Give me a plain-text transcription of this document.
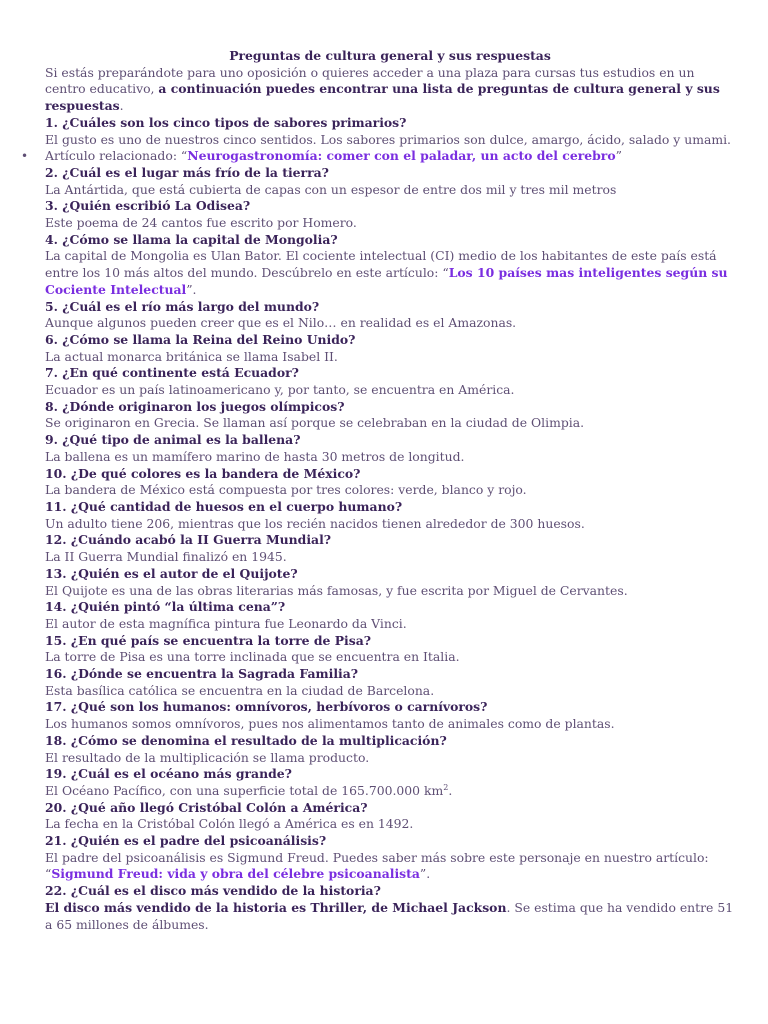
Preguntas de cultura general y sus respuestas

Si estás preparándote para uno oposición o quieres acceder a una plaza para cursas tus estudios en un centro educativo, a continuación puedes encontrar una lista de preguntas de cultura general y sus respuestas.

1. ¿Cuáles son los cinco tipos de sabores primarios?

El gusto es uno de nuestros cinco sentidos. Los sabores primarios son dulce, amargo, ácido, salado y umami.

• Artículo relacionado: “Neurogastronomía: comer con el paladar, un acto del cerebro”

2. ¿Cuál es el lugar más frío de la tierra?

La Antártida, que está cubierta de capas con un espesor de entre dos mil y tres mil metros

3. ¿Quién escribió La Odisea?

Este poema de 24 cantos fue escrito por Homero.

4. ¿Cómo se llama la capital de Mongolia?

La capital de Mongolia es Ulan Bator. El cociente intelectual (CI) medio de los habitantes de este país está entre los 10 más altos del mundo. Descúbrelo en este artículo: “Los 10 países mas inteligentes según su Cociente Intelectual”.

5. ¿Cuál es el río más largo del mundo?

Aunque algunos pueden creer que es el Nilo… en realidad es el Amazonas.

6. ¿Cómo se llama la Reina del Reino Unido?

La actual monarca británica se llama Isabel II.

7. ¿En qué continente está Ecuador?

Ecuador es un país latinoamericano y, por tanto, se encuentra en América.

8. ¿Dónde originaron los juegos olímpicos?

Se originaron en Grecia. Se llaman así porque se celebraban en la ciudad de Olimpia.

9. ¿Qué tipo de animal es la ballena?

La ballena es un mamífero marino de hasta 30 metros de longitud.

10. ¿De qué colores es la bandera de México?

La bandera de México está compuesta por tres colores: verde, blanco y rojo.

11. ¿Qué cantidad de huesos en el cuerpo humano?

Un adulto tiene 206, mientras que los recién nacidos tienen alrededor de 300 huesos.

12. ¿Cuándo acabó la II Guerra Mundial?

La II Guerra Mundial finalizó en 1945.

13. ¿Quién es el autor de el Quijote?

El Quijote es una de las obras literarias más famosas, y fue escrita por Miguel de Cervantes.

14. ¿Quién pintó “la última cena”?

El autor de esta magnífica pintura fue Leonardo da Vinci.

15. ¿En qué país se encuentra la torre de Pisa?

La torre de Pisa es una torre inclinada que se encuentra en Italia.

16. ¿Dónde se encuentra la Sagrada Familia?

Esta basílica católica se encuentra en la ciudad de Barcelona.

17. ¿Qué son los humanos: omnívoros, herbívoros o carnívoros?

Los humanos somos omnívoros, pues nos alimentamos tanto de animales como de plantas.

18. ¿Cómo se denomina el resultado de la multiplicación?

El resultado de la multiplicación se llama producto.

19. ¿Cuál es el océano más grande?

El Océano Pacífico, con una superficie total de 165.700.000 $km^2$.

20. ¿Qué año llegó Cristóbal Colón a América?

La fecha en la Cristóbal Colón llegó a América es en 1492.

21. ¿Quién es el padre del psicoanálisis?

El padre del psicoanálisis es Sigmund Freud. Puedes saber más sobre este personaje en nuestro artículo: “Sigmund Freud: vida y obra del célebre psicoanalista”.

22. ¿Cuál es el disco más vendido de la historia?

El disco más vendido de la historia es Thriller, de Michael Jackson. Se estima que ha vendido entre 51 a 65 millones de álbumes.
